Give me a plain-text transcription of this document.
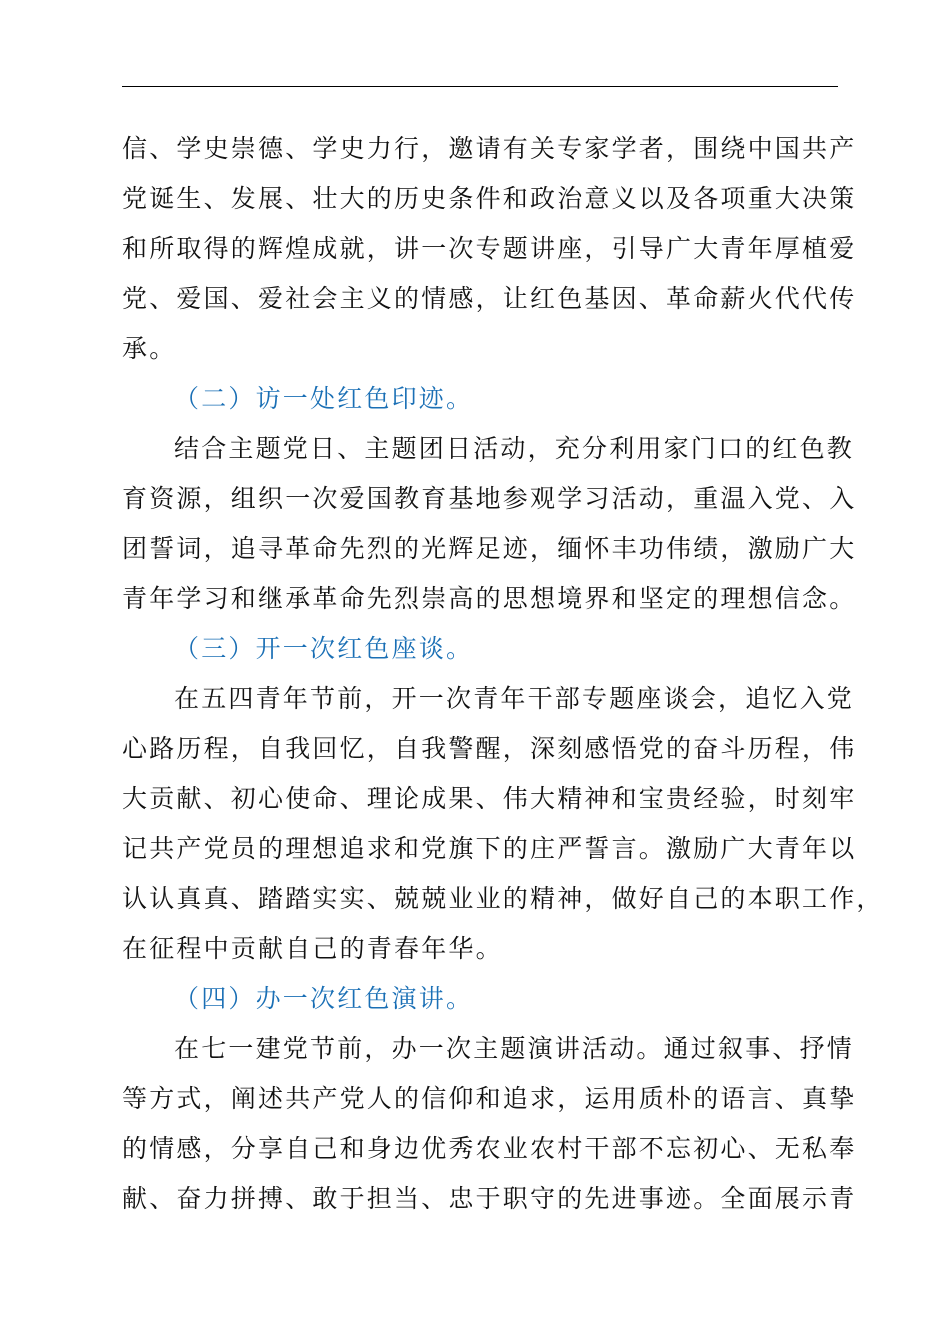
信、学史崇德、学史力行，邀请有关专家学者，围绕中国共产
党诞生、发展、壮大的历史条件和政治意义以及各项重大决策
和所取得的辉煌成就，讲一次专题讲座，引导广大青年厚植爱
党、爱国、爱社会主义的情感，让红色基因、革命薪火代代传
承。
（二）访一处红色印迹。
结合主题党日、主题团日活动，充分利用家门口的红色教
育资源，组织一次爱国教育基地参观学习活动，重温入党、入
团誓词，追寻革命先烈的光辉足迹，缅怀丰功伟绩，激励广大
青年学习和继承革命先烈崇高的思想境界和坚定的理想信念。
（三）开一次红色座谈。
在五四青年节前，开一次青年干部专题座谈会，追忆入党
心路历程，自我回忆，自我警醒，深刻感悟党的奋斗历程，伟
大贡献、初心使命、理论成果、伟大精神和宝贵经验，时刻牢
记共产党员的理想追求和党旗下的庄严誓言。激励广大青年以
认认真真、踏踏实实、兢兢业业的精神，做好自己的本职工作，
在征程中贡献自己的青春年华。
（四）办一次红色演讲。
在七一建党节前，办一次主题演讲活动。通过叙事、抒情
等方式，阐述共产党人的信仰和追求，运用质朴的语言、真挚
的情感，分享自己和身边优秀农业农村干部不忘初心、无私奉
献、奋力拼搏、敢于担当、忠于职守的先进事迹。全面展示青
